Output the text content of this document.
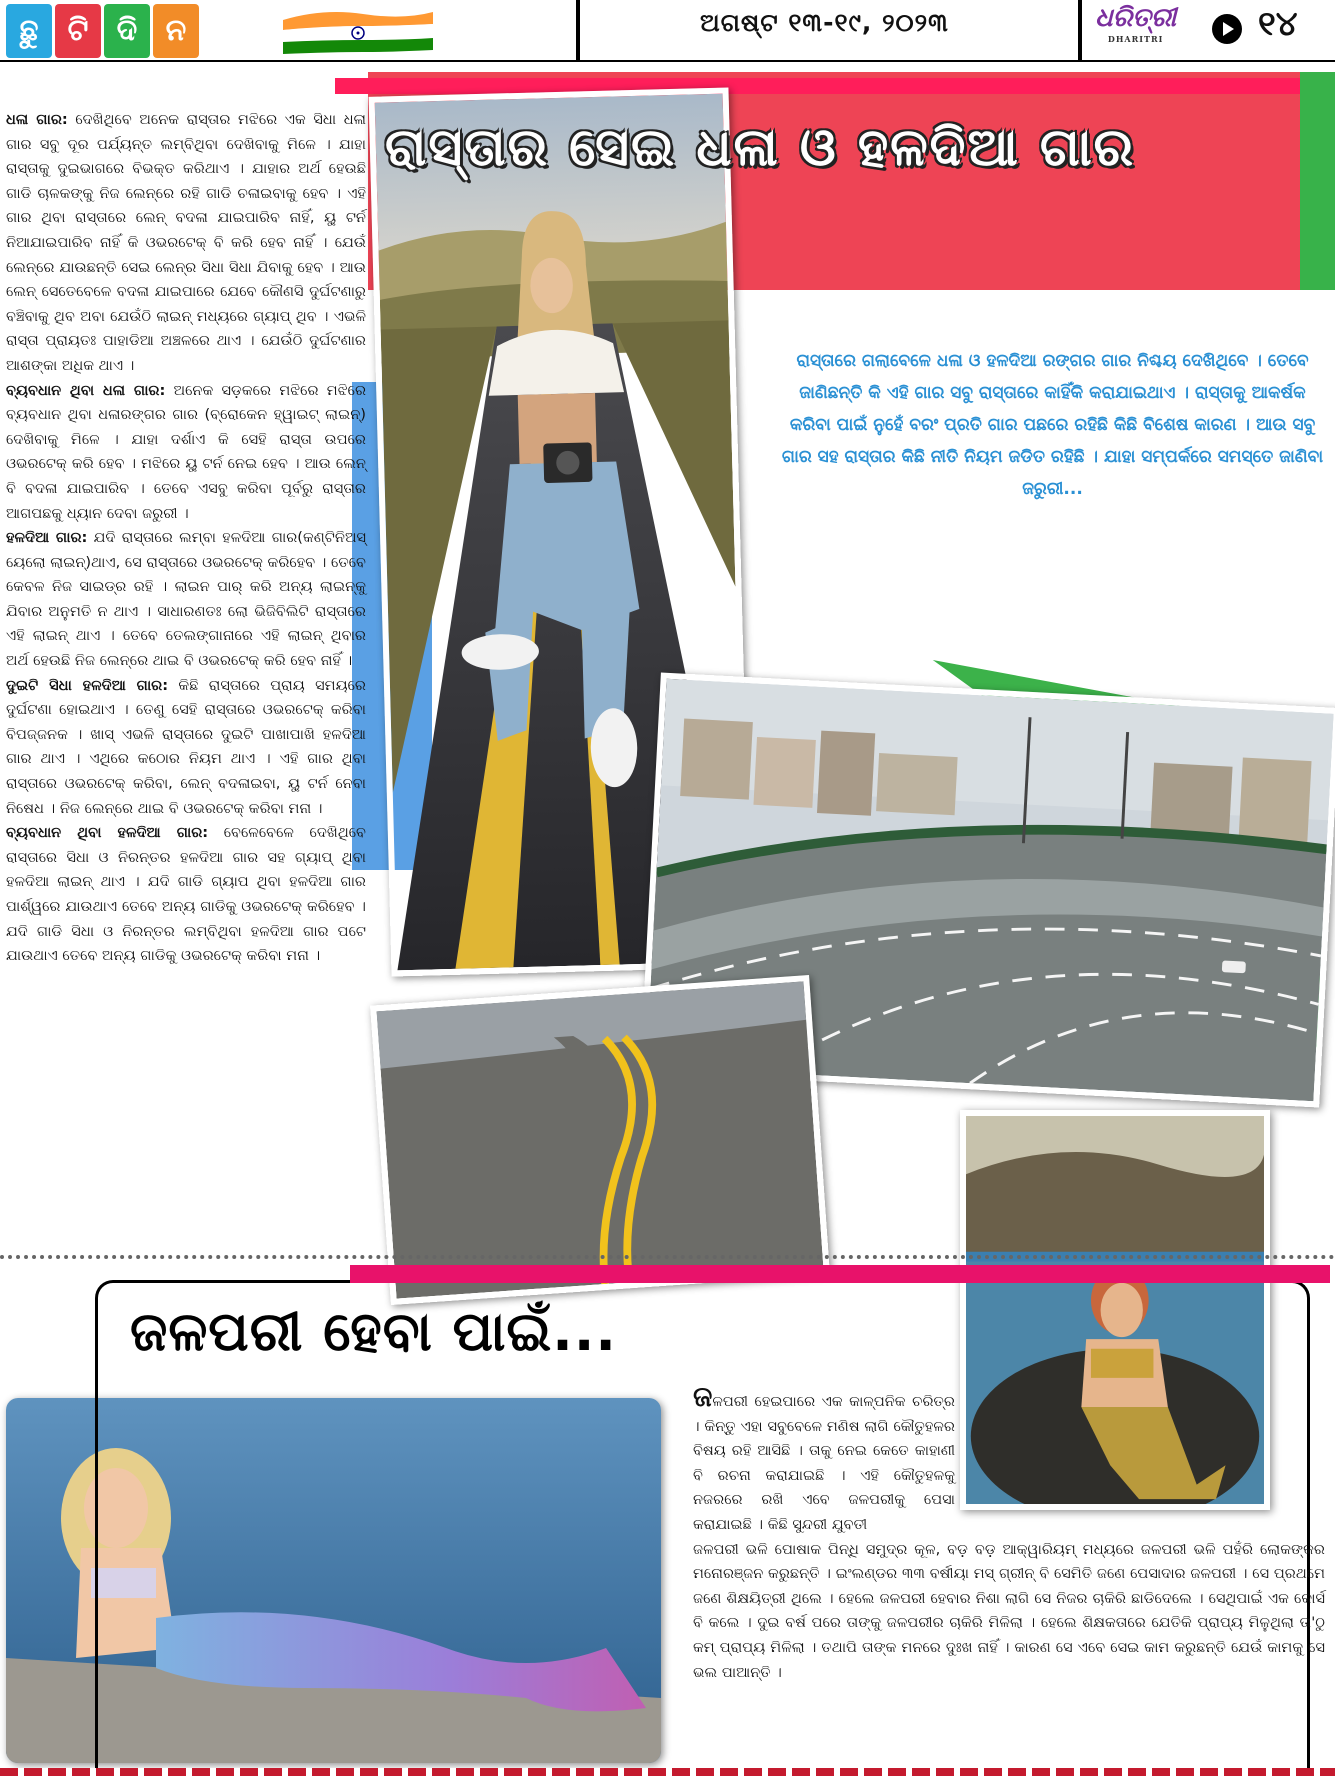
ଛୁ ଟି ଦି ନ	ଅଗଷ୍ଟ ୧୩-୧୯, ୨୦୨୩	ଧରିତ୍ରୀ
DHARITRI	୧୪
ରାସ୍ତାର ସେଇ ଧଳା ଓ ହଳଦିଆ ଗାର

ରାସ୍ତାରେ ଗଲାବେଳେ ଧଳା ଓ ହଳଦିଆ ରଙ୍ଗର ଗାର ନିଶ୍ଚୟ ଦେଖିଥିବେ । ତେବେ ଜାଣିଛନ୍ତି କି ଏହି ଗାର ସବୁ ରାସ୍ତାରେ କାହିଁକି କରାଯାଇଥାଏ । ରାସ୍ତାକୁ ଆକର୍ଷକ କରିବା ପାଇଁ ନୁହେଁ ବରଂ ପ୍ରତି ଗାର ପଛରେ ରହିଛି କିଛି ବିଶେଷ କାରଣ । ଆଉ ସବୁ ଗାର ସହ ରାସ୍ତାର କିଛି ନୀତି ନିୟମ ଜଡିତ ରହିଛି । ଯାହା ସମ୍ପର୍କରେ ସମସ୍ତେ ଜାଣିବା ଜରୁରୀ...

ଧଳା ଗାର: ଦେଖିଥିବେ ଅନେକ ରାସ୍ତାର ମଝିରେ ଏକ ସିଧା ଧଳା ଗାର ସବୁ ଦୂର ପର୍ଯ୍ୟନ୍ତ ଲମ୍ବିଥିବା ଦେଖିବାକୁ ମିଳେ । ଯାହା ରାସ୍ତାକୁ ଦୁଇଭାଗରେ ବିଭକ୍ତ କରିଥାଏ । ଯାହାର ଅର୍ଥ ହେଉଛି ଗାଡି ଚାଳକଙ୍କୁ ନିଜ ଲେନ୍‌ରେ ରହି ଗାଡି ଚଳାଇବାକୁ ହେବ । ଏହି ଗାର ଥିବା ରାସ୍ତାରେ ଲେନ୍ ବଦଳା ଯାଇପାରିବ ନାହିଁ, ୟୁ ଟର୍ନ ନିଆଯାଇପାରିବ ନାହିଁ କି ଓଭରଟେକ୍ ବି କରି ହେବ ନାହିଁ । ଯେଉଁ ଲେନ୍‌ରେ ଯାଉଛନ୍ତି ସେଇ ଲେନ୍‌ର ସିଧା ସିଧା ଯିବାକୁ ହେବ । ଆଉ ଲେନ୍ ସେତେବେଳେ ବଦଳା ଯାଇପାରେ ଯେବେ କୌଣସି ଦୁର୍ଘଟଣାରୁ ବଞ୍ଚିବାକୁ ଥିବ ଅବା ଯେଉଁଠି ଲାଇନ୍ ମଧ୍ୟରେ ଗ୍ୟାପ୍ ଥିବ । ଏଭଳି ରାସ୍ତା ପ୍ରାୟତଃ ପାହାଡିଆ ଅଞ୍ଚଳରେ ଥାଏ । ଯେଉଁଠି ଦୁର୍ଘଟଣାର ଆଶଙ୍କା ଅଧିକ ଥାଏ ।

ବ୍ୟବଧାନ ଥିବା ଧଳା ଗାର: ଅନେକ ସଡ଼କରେ ମଝିରେ ମଝିରେ ବ୍ୟବଧାନ ଥିବା ଧଳାରଙ୍ଗର ଗାର (ବ୍ରୋକେନ ହ୍ୱାଇଟ୍ ଲାଇନ୍) ଦେଖିବାକୁ ମିଳେ । ଯାହା ଦର୍ଶାଏ କି ସେହି ରାସ୍ତା ଉପରେ ଓଭରଟେକ୍ କରି ହେବ । ମଝିରେ ୟୁ ଟର୍ନ ନେଇ ହେବ । ଆଉ ଲେନ୍ ବି ବଦଳା ଯାଇପାରିବ । ତେବେ ଏସବୁ କରିବା ପୂର୍ବରୁ ରାସ୍ତାର ଆଗପଛକୁ ଧ୍ୟାନ ଦେବା ଜରୁରୀ ।

ହଳଦିଆ ଗାର: ଯଦି ରାସ୍ତାରେ ଲମ୍ବା ହଳଦିଆ ଗାର(କଣ୍ଟିନିଅସ୍ ୟେଲୋ ଲାଇନ୍)ଥାଏ, ସେ ରାସ୍ତାରେ ଓଭରଟେକ୍ କରିହେବ । ତେବେ କେବଳ ନିଜ ସାଇଡ୍‌ର ରହି । ଲାଇନ ପାର୍ କରି ଅନ୍ୟ ଲାଇନ୍‌କୁ ଯିବାର ଅନୁମତି ନ ଥାଏ । ସାଧାରଣତଃ ଲୋ ଭିଜିବିଲିଟି ରାସ୍ତାରେ ଏହି ଲାଇନ୍ ଥାଏ । ତେବେ ତେଲଙ୍ଗାନାରେ ଏହି ଲାଇନ୍ ଥିବାର ଅର୍ଥ ହେଉଛି ନିଜ ଲେନ୍‌ରେ ଥାଇ ବି ଓଭରଟେକ୍ କରି ହେବ ନାହିଁ ।

ଦୁଇଟି ସିଧା ହଳଦିଆ ଗାର: କିଛି ରାସ୍ତାରେ ପ୍ରାୟ ସମୟରେ ଦୁର୍ଘଟଣା ହୋଇଥାଏ । ତେଣୁ ସେହି ରାସ୍ତାରେ ଓଭରଟେକ୍ କରିବା ବିପଜ୍ଜନକ । ଖାସ୍ ଏଭଳି ରାସ୍ତାରେ ଦୁଇଟି ପାଖାପାଖି ହଳଦିଆ ଗାର ଥାଏ । ଏଥିରେ କଠୋର ନିୟମ ଥାଏ । ଏହି ଗାର ଥିବା ରାସ୍ତାରେ ଓଭରଟେକ୍ କରିବା, ଲେନ୍ ବଦଳାଇବା, ୟୁ ଟର୍ନ ନେବା ନିଷେଧ । ନିଜ ଲେନ୍‌ରେ ଥାଇ ବି ଓଭରଟେକ୍ କରିବା ମନା ।

ବ୍ୟବଧାନ ଥିବା ହଳଦିଆ ଗାର: ବେଳେବେଳେ ଦେଖିଥିବେ ରାସ୍ତାରେ ସିଧା ଓ ନିରନ୍ତର ହଳଦିଆ ଗାର ସହ ଗ୍ୟାପ୍ ଥିବା ହଳଦିଆ ଲାଇନ୍ ଥାଏ । ଯଦି ଗାଡି ଗ୍ୟାପ ଥିବା ହଳଦିଆ ଗାର ପାର୍ଶ୍ୱରେ ଯାଉଥାଏ ତେବେ ଅନ୍ୟ ଗାଡିକୁ ଓଭରଟେକ୍ କରିହେବ । ଯଦି ଗାଡି ସିଧା ଓ ନିରନ୍ତର ଲମ୍ବିଥିବା ହଳଦିଆ ଗାର ପଟେ ଯାଉଥାଏ ତେବେ ଅନ୍ୟ ଗାଡିକୁ ଓଭରଟେକ୍ କରିବା ମନା ।

ଜଳପରୀ ହେବା ପାଇଁ...

ଜଳପରୀ ହେଇପାରେ ଏକ କାଳ୍ପନିକ ଚରିତ୍ର । କିନ୍ତୁ ଏହା ସବୁବେଳେ ମଣିଷ ଲାଗି କୌତୁହଳର ବିଷୟ ରହି ଆସିଛି । ତାକୁ ନେଇ କେତେ କାହାଣୀ ବି ରଚନା କରାଯାଇଛି । ଏହି କୌତୁହଳକୁ ନଜରରେ ରଖି ଏବେ ଜଳପରୀକୁ ପେସା କରାଯାଇଛି । କିଛି ସୁନ୍ଦରୀ ଯୁବତୀ

ଜଳପରୀ ଭଳି ପୋଷାକ ପିନ୍ଧି ସମୁଦ୍ର କୂଳ, ବଡ଼ ବଡ଼ ଆକ୍ୱାରିୟମ୍ ମଧ୍ୟରେ ଜଳପରୀ ଭଳି ପହଁରି ଲୋକଙ୍କର ମନୋରଞ୍ଜନ କରୁଛନ୍ତି । ଇଂଲଣ୍ଡର ୩୩ ବର୍ଷୀୟା ମସ୍ ଗ୍ରୀନ୍ ବି ସେମିତି ଜଣେ ପେସାଦାର ଜଳପରୀ । ସେ ପ୍ରଥମେ ଜଣେ ଶିକ୍ଷୟିତ୍ରୀ ଥିଲେ । ହେଲେ ଜଳପରୀ ହେବାର ନିଶା ଲାଗି ସେ ନିଜର ଚାକିରି ଛାଡିଦେଲେ । ସେଥିପାଇଁ ଏକ କୋର୍ସ ବି କଲେ । ଦୁଇ ବର୍ଷ ପରେ ତାଙ୍କୁ ଜଳପରୀର ଚାକିରି ମିଳିଲା । ହେଲେ ଶିକ୍ଷକତାରେ ଯେତିକି ପ୍ରାପ୍ୟ ମିଳୁଥିଲା ତା'ଠୁ କମ୍ ପ୍ରାପ୍ୟ ମିଳିଲା । ତଥାପି ତାଙ୍କ ମନରେ ଦୁଃଖ ନାହିଁ । କାରଣ ସେ ଏବେ ସେଇ କାମ କରୁଛନ୍ତି ଯେଉଁ କାମକୁ ସେ ଭଲ ପାଆନ୍ତି ।
